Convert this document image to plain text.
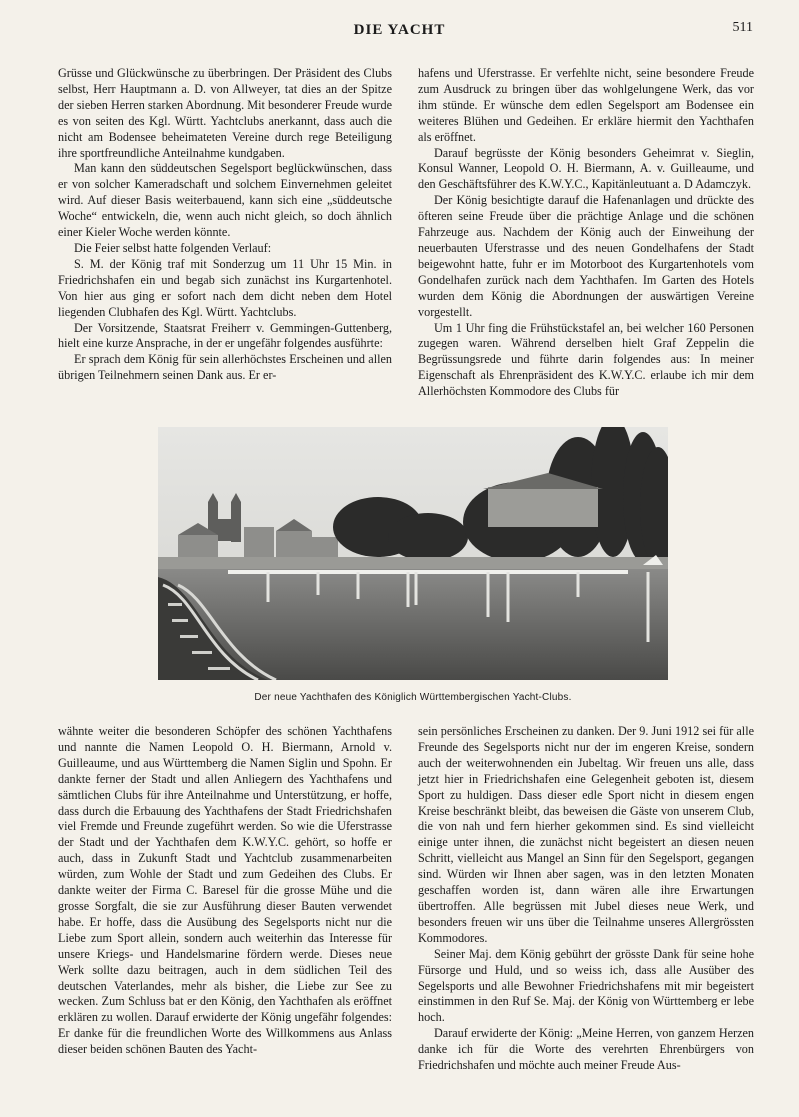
DIE YACHT	511

Grüsse und Glückwünsche zu überbringen. Der Präsident des Clubs selbst, Herr Hauptmann a. D. von Allweyer, tat dies an der Spitze der sieben Herren starken Abordnung. Mit besonderer Freude wurde es von seiten des Kgl. Württ. Yachtclubs anerkannt, dass auch die nicht am Bodensee beheimateten Vereine durch rege Beteiligung ihre sportfreundliche Anteilnahme kundgaben.

Man kann den süddeutschen Segelsport beglückwünschen, dass er von solcher Kameradschaft und solchem Einvernehmen geleitet wird. Auf dieser Basis weiterbauend, kann sich eine „süddeutsche Woche“ entwickeln, die, wenn auch nicht gleich, so doch ähnlich einer Kieler Woche werden könnte.

Die Feier selbst hatte folgenden Verlauf:

S. M. der König traf mit Sonderzug um 11 Uhr 15 Min. in Friedrichshafen ein und begab sich zunächst ins Kurgartenhotel. Von hier aus ging er sofort nach dem dicht neben dem Hotel liegenden Clubhafen des Kgl. Württ. Yachtclubs.

Der Vorsitzende, Staatsrat Freiherr v. Gemmingen-Guttenberg, hielt eine kurze Ansprache, in der er ungefähr folgendes ausführte:

Er sprach dem König für sein allerhöchstes Erscheinen und allen übrigen Teilnehmern seinen Dank aus. Er er-

hafens und Uferstrasse. Er verfehlte nicht, seine besondere Freude zum Ausdruck zu bringen über das wohlgelungene Werk, das vor ihm stünde. Er wünsche dem edlen Segelsport am Bodensee ein weiteres Blühen und Gedeihen. Er erkläre hiermit den Yachthafen als eröffnet.

Darauf begrüsste der König besonders Geheimrat v. Sieglin, Konsul Wanner, Leopold O. H. Biermann, A. v. Guilleaume, und den Geschäftsführer des K.W.Y.C., Kapitänleutuant a. D Adamczyk.

Der König besichtigte darauf die Hafenanlagen und drückte des öfteren seine Freude über die prächtige Anlage und die schönen Fahrzeuge aus. Nachdem der König auch der Einweihung der neuerbauten Uferstrasse und des neuen Gondelhafens der Stadt beigewohnt hatte, fuhr er im Motorboot des Kurgartenhotels vom Gondelhafen zurück nach dem Yachthafen. Im Garten des Hotels wurden dem König die Abordnungen der auswärtigen Vereine vorgestellt.

Um 1 Uhr fing die Frühstückstafel an, bei welcher 160 Personen zugegen waren. Während derselben hielt Graf Zeppelin die Begrüssungsrede und führte darin folgendes aus: In meiner Eigenschaft als Ehrenpräsident des K.W.Y.C. erlaube ich mir dem Allerhöchsten Kommodore des Clubs für

Der neue Yachthafen des Königlich Württembergischen Yacht-Clubs.

wähnte weiter die besonderen Schöpfer des schönen Yachthafens und nannte die Namen Leopold O. H. Biermann, Arnold v. Guilleaume, und aus Württemberg die Namen Siglin und Spohn. Er dankte ferner der Stadt und allen Anliegern des Yachthafens und sämtlichen Clubs für ihre Anteilnahme und Unterstützung, er hoffe, dass durch die Erbauung des Yachthafens der Stadt Friedrichshafen viel Fremde und Freunde zugeführt werden. So wie die Uferstrasse der Stadt und der Yachthafen dem K.W.Y.C. gehört, so hoffe er auch, dass in Zukunft Stadt und Yachtclub zusammenarbeiten würden, zum Wohle der Stadt und zum Gedeihen des Clubs. Er dankte weiter der Firma C. Baresel für die grosse Mühe und die grosse Sorgfalt, die sie zur Ausführung dieser Bauten verwendet habe. Er hoffe, dass die Ausübung des Segelsports nicht nur die Liebe zum Sport allein, sondern auch weiterhin das Interesse für unsere Kriegs- und Handelsmarine fördern werde. Dieses neue Werk sollte dazu beitragen, auch in dem südlichen Teil des deutschen Vaterlandes, mehr als bisher, die Liebe zur See zu wecken. Zum Schluss bat er den König, den Yachthafen als eröffnet erklären zu wollen. Darauf erwiderte der König ungefähr folgendes: Er danke für die freundlichen Worte des Willkommens aus Anlass dieser beiden schönen Bauten des Yacht-

sein persönliches Erscheinen zu danken. Der 9. Juni 1912 sei für alle Freunde des Segelsports nicht nur der im engeren Kreise, sondern auch der weiterwohnenden ein Jubeltag. Wir freuen uns alle, dass jetzt hier in Friedrichshafen eine Gelegenheit geboten ist, diesem Sport zu huldigen. Dass dieser edle Sport nicht in diesem engen Kreise beschränkt bleibt, das beweisen die Gäste von unserem Club, die von nah und fern hierher gekommen sind. Es sind vielleicht einige unter ihnen, die zunächst nicht begeistert an diesen neuen Schritt, vielleicht aus Mangel an Sinn für den Segelsport, gegangen sind. Würden wir Ihnen aber sagen, was in den letzten Monaten geschaffen worden ist, dann wären alle ihre Erwartungen übertroffen. Alle begrüssen mit Jubel dieses neue Werk, und besonders freuen wir uns über die Teilnahme unseres Allergrössten Kommodores.

Seiner Maj. dem König gebührt der grösste Dank für seine hohe Fürsorge und Huld, und so weiss ich, dass alle Ausüber des Segelsports und alle Bewohner Friedrichshafens mit mir begeistert einstimmen in den Ruf Se. Maj. der König von Württemberg er lebe hoch.

Darauf erwiderte der König: „Meine Herren, von ganzem Herzen danke ich für die Worte des verehrten Ehrenbürgers von Friedrichshafen und möchte auch meiner Freude Aus-
